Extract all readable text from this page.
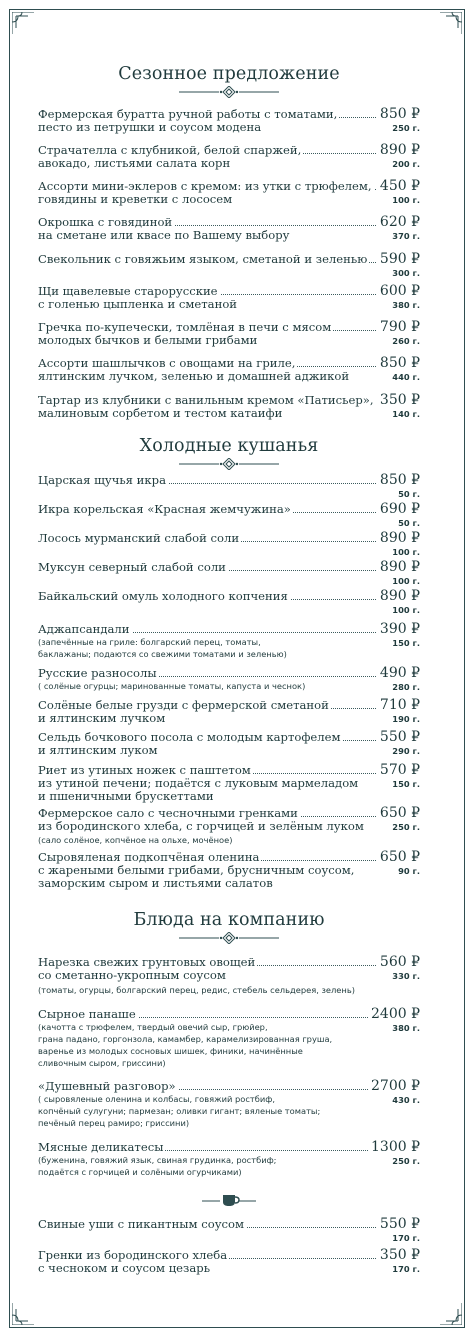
Сезонное предложение
Фермерская буратта ручной работы с томатами,	850 ₽
песто из петрушки и соусом модена	250 г.
Страчателла с клубникой, белой спаржей,	890 ₽
авокадо, листьями салата корн	200 г.
Ассорти мини-эклеров с кремом: из утки с трюфелем, 450 ₽
говядины и креветки с лососем	100 г.
Окрошка с говядиной	620 ₽
на сметане или квасе по Вашему выбору	370 г.
Свекольник с говяжьим языком, сметаной и зеленью 590 ₽
300 г.
Щи щавелевые старорусские	600 ₽
с голенью цыпленка и сметаной	380 г.
Гречка по-купечески, томлёная в печи с мясом	790 ₽
молодых бычков и белыми грибами	260 г.
Ассорти шашлычков с овощами на гриле,	850 ₽
ялтинским лучком, зеленью и домашней аджикой	440 г.
Тартар из клубники с ванильным кремом «Патисьер», 350 ₽
малиновым сорбетом и тестом катаифи	140 г.
Холодные кушанья
Царская щучья икра	850 ₽
50 г.
Икра корельская «Красная жемчужина»	690 ₽
50 г.
Лосось мурманский слабой соли	890 ₽
100 г.
Муксун северный слабой соли	890 ₽
100 г.
Байкальский омуль холодного копчения	890 ₽
100 г.
Аджапсандали	390 ₽
(запечённые на гриле: болгарский перец, томаты,
баклажаны; подаются со свежими томатами и зеленью)
150 г.
Русские разносолы	490 ₽
( солёные огурцы; маринованные томаты, капуста и чеснок)	280 г.
Солёные белые грузди с фермерской сметаной	710 ₽
и ялтинским лучком	190 г.
Сельдь бочкового посола с молодым картофелем	550 ₽
и ялтинским луком	290 г.
Риет из утиных ножек с паштетом	570 ₽
из утиной печени; подаётся с луковым мармеладом
и пшеничными брускеттами
150 г.
Фермерское сало с чесночными гренками	650 ₽
из бородинского хлеба, с горчицей и зелёным луком
(сало солёное, копчёное на ольхе, мочёное)
250 г.
Сыровяленая подкопчёная оленина	650 ₽
с жареными белыми грибами, брусничным соусом,
заморским сыром и листьями салатов
90 г.
Блюда на компанию
Нарезка свежих грунтовых овощей	560 ₽
со сметанно-укропным соусом
(томаты, огурцы, болгарский перец, редис, стебель сельдерея, зелень)
330 г.
Сырное панаше	2400 ₽
(качотта с трюфелем, твердый овечий сыр, грюйер,
грана падано, горгонзола, камамбер, карамелизированная груша,
варенье из молодых сосновых шишек, финики, начинённые
сливочным сыром, гриссини)
380 г.
«Душевный разговор»	2700 ₽
( сыровяленые оленина и колбасы, говяжий ростбиф,
копчёный сулугуни; пармезан; оливки гигант; вяленые томаты;
печёный перец рамиро; гриссини)
430 г.
Мясные деликатесы	1300 ₽
(буженина, говяжий язык, свиная грудинка, ростбиф;
подаётся с горчицей и солёными огурчиками)
250 г.
Свиные уши с пикантным соусом	550 ₽
170 г.
Гренки из бородинского хлеба	350 ₽
с чесноком и соусом цезарь	170 г.
